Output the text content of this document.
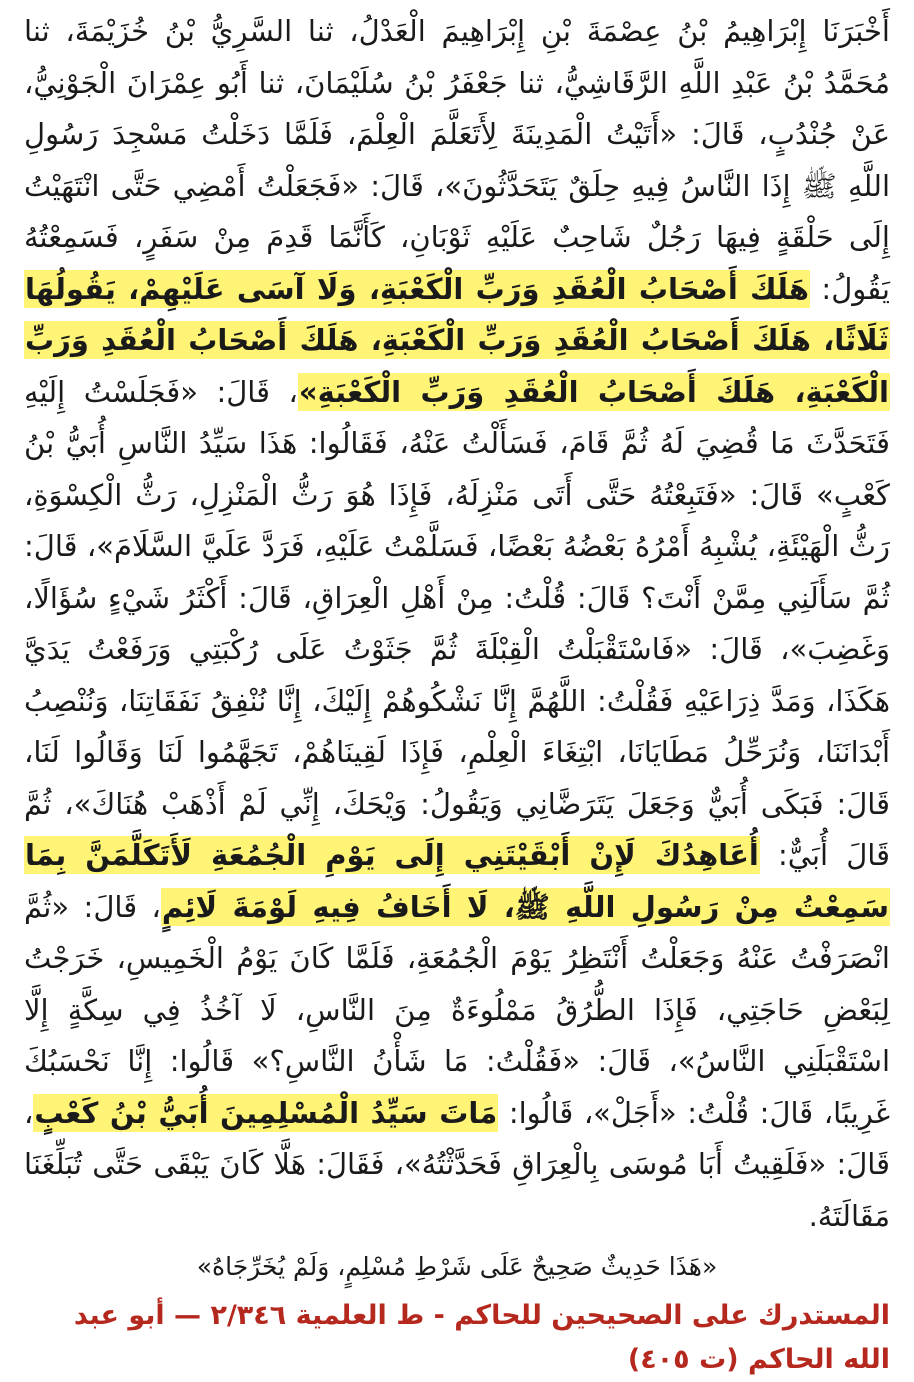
أَخْبَرَنَا إِبْرَاهِيمُ بْنُ عِصْمَةَ بْنِ إِبْرَاهِيمَ الْعَدْلُ، ثنا السَّرِيُّ بْنُ خُزَيْمَةَ، ثنا مُحَمَّدُ بْنُ عَبْدِ اللَّهِ الرَّقَاشِيُّ، ثنا جَعْفَرُ بْنُ سُلَيْمَانَ، ثنا أَبُو عِمْرَانَ الْجَوْنِيُّ، عَنْ جُنْدُبٍ، قَالَ: «أَتَيْتُ الْمَدِينَةَ لِأَتَعَلَّمَ الْعِلْمَ، فَلَمَّا دَخَلْتُ مَسْجِدَ رَسُولِ اللَّهِ ﷺ إِذَا النَّاسُ فِيهِ حِلَقٌ يَتَحَدَّثُونَ»، قَالَ: «فَجَعَلْتُ أَمْضِي حَتَّى انْتَهَيْتُ إِلَى حَلْقَةٍ فِيهَا رَجُلٌ شَاحِبٌ عَلَيْهِ ثَوْبَانِ، كَأَنَّمَا قَدِمَ مِنْ سَفَرٍ، فَسَمِعْتُهُ يَقُولُ: هَلَكَ أَصْحَابُ الْعُقَدِ وَرَبِّ الْكَعْبَةِ، وَلَا آسَى عَلَيْهِمْ، يَقُولُهَا ثَلَاثًا، هَلَكَ أَصْحَابُ الْعُقَدِ وَرَبِّ الْكَعْبَةِ، هَلَكَ أَصْحَابُ الْعُقَدِ وَرَبِّ الْكَعْبَةِ، هَلَكَ أَصْحَابُ الْعُقَدِ وَرَبِّ الْكَعْبَةِ»، قَالَ: «فَجَلَسْتُ إِلَيْهِ فَتَحَدَّثَ مَا قُضِيَ لَهُ ثُمَّ قَامَ، فَسَأَلْتُ عَنْهُ، فَقَالُوا: هَذَا سَيِّدُ النَّاسِ أُبَيُّ بْنُ كَعْبٍ» قَالَ: «فَتَبِعْتُهُ حَتَّى أَتَى مَنْزِلَهُ، فَإِذَا هُوَ رَثُّ الْمَنْزِلِ، رَثُّ الْكِسْوَةِ، رَثُّ الْهَيْئَةِ، يُشْبِهُ أَمْرُهُ بَعْضُهُ بَعْضًا، فَسَلَّمْتُ عَلَيْهِ، فَرَدَّ عَلَيَّ السَّلَامَ»، قَالَ: ثُمَّ سَأَلَنِي مِمَّنْ أَنْتَ؟ قَالَ: قُلْتُ: مِنْ أَهْلِ الْعِرَاقِ، قَالَ: أَكْثَرُ شَيْءٍ سُؤَالًا، وَغَضِبَ»، قَالَ: «فَاسْتَقْبَلْتُ الْقِبْلَةَ ثُمَّ جَثَوْتُ عَلَى رُكْبَتِي وَرَفَعْتُ يَدَيَّ هَكَذَا، وَمَدَّ ذِرَاعَيْهِ فَقُلْتُ: اللَّهُمَّ إِنَّا نَشْكُوهُمْ إِلَيْكَ، إِنَّا نُنْفِقُ نَفَقَاتِنَا، وَنُنْصِبُ أَبْدَانَنَا، وَنُرَحِّلُ مَطَايَانَا، ابْتِغَاءَ الْعِلْمِ، فَإِذَا لَقِينَاهُمْ، تَجَهَّمُوا لَنَا وَقَالُوا لَنَا، قَالَ: فَبَكَى أُبَيٌّ وَجَعَلَ يَتَرَضَّانِي وَيَقُولُ: وَيْحَكَ، إِنِّي لَمْ أَذْهَبْ هُنَاكَ»، ثُمَّ قَالَ أُبَيٌّ: أُعَاهِدُكَ لَإِنْ أَبْقَيْتَنِي إِلَى يَوْمِ الْجُمُعَةِ لَأَتَكَلَّمَنَّ بِمَا سَمِعْتُ مِنْ رَسُولِ اللَّهِ ﷺ، لَا أَخَافُ فِيهِ لَوْمَةَ لَائِمٍ، قَالَ: «ثُمَّ انْصَرَفْتُ عَنْهُ وَجَعَلْتُ أَنْتَظِرُ يَوْمَ الْجُمُعَةِ، فَلَمَّا كَانَ يَوْمُ الْخَمِيسِ، خَرَجْتُ لِبَعْضِ حَاجَتِي، فَإِذَا الطُّرُقُ مَمْلُوءَةٌ مِنَ النَّاسِ، لَا آخُذُ فِي سِكَّةٍ إِلَّا اسْتَقْبَلَنِي النَّاسُ»، قَالَ: «فَقُلْتُ: مَا شَأْنُ النَّاسِ؟» قَالُوا: إِنَّا نَحْسَبُكَ غَرِيبًا، قَالَ: قُلْتُ: «أَجَلْ»، قَالُوا: مَاتَ سَيِّدُ الْمُسْلِمِينَ أُبَيُّ بْنُ كَعْبٍ، قَالَ: «فَلَقِيتُ أَبَا مُوسَى بِالْعِرَاقِ فَحَدَّثْتُهُ»، فَقَالَ: هَلَّا كَانَ يَبْقَى حَتَّى تُبَلِّغَنَا مَقَالَتَهُ.

«هَذَا حَدِيثٌ صَحِيحٌ عَلَى شَرْطِ مُسْلِمٍ، وَلَمْ يُخَرِّجَاهُ»

المستدرك على الصحيحين للحاكم - ط العلمية ٢/٣٤٦ — أبو عبد الله الحاكم (ت ٤٠٥)
